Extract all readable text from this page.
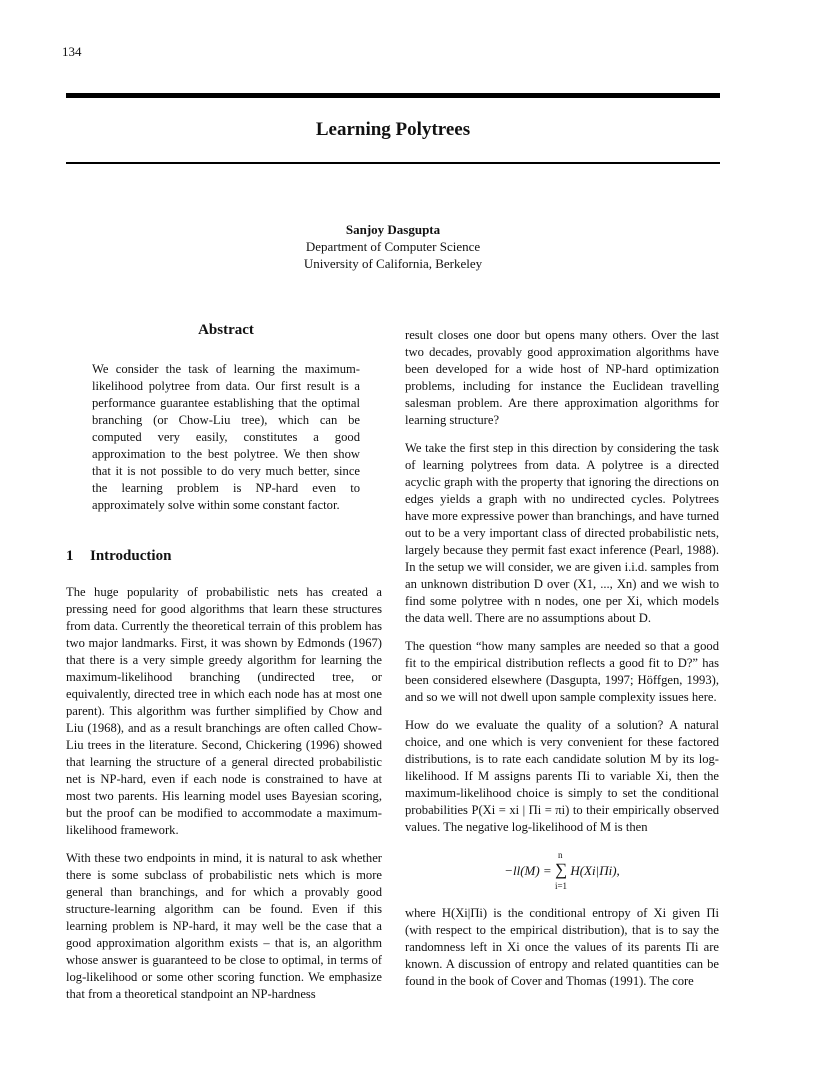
134
Learning Polytrees
Sanjoy Dasgupta
Department of Computer Science
University of California, Berkeley
Abstract
We consider the task of learning the maximum-likelihood polytree from data. Our first result is a performance guarantee establishing that the optimal branching (or Chow-Liu tree), which can be computed very easily, constitutes a good approximation to the best polytree. We then show that it is not possible to do very much better, since the learning problem is NP-hard even to approximately solve within some constant factor.
1 Introduction

The huge popularity of probabilistic nets has created a pressing need for good algorithms that learn these structures from data. Currently the theoretical terrain of this problem has two major landmarks. First, it was shown by Edmonds (1967) that there is a very simple greedy algorithm for learning the maximum-likelihood branching (undirected tree, or equivalently, directed tree in which each node has at most one parent). This algorithm was further simplified by Chow and Liu (1968), and as a result branchings are often called Chow-Liu trees in the literature. Second, Chickering (1996) showed that learning the structure of a general directed probabilistic net is NP-hard, even if each node is constrained to have at most two parents. His learning model uses Bayesian scoring, but the proof can be modified to accommodate a maximum-likelihood framework.

With these two endpoints in mind, it is natural to ask whether there is some subclass of probabilistic nets which is more general than branchings, and for which a provably good structure-learning algorithm can be found. Even if this learning problem is NP-hard, it may well be the case that a good approximation algorithm exists – that is, an algorithm whose answer is guaranteed to be close to optimal, in terms of log-likelihood or some other scoring function. We emphasize that from a theoretical standpoint an NP-hardness

result closes one door but opens many others. Over the last two decades, provably good approximation algorithms have been developed for a wide host of NP-hard optimization problems, including for instance the Euclidean travelling salesman problem. Are there approximation algorithms for learning structure?

We take the first step in this direction by considering the task of learning polytrees from data. A polytree is a directed acyclic graph with the property that ignoring the directions on edges yields a graph with no undirected cycles. Polytrees have more expressive power than branchings, and have turned out to be a very important class of directed probabilistic nets, largely because they permit fast exact inference (Pearl, 1988). In the setup we will consider, we are given i.i.d. samples from an unknown distribution D over (X1, ..., Xn) and we wish to find some polytree with n nodes, one per Xi, which models the data well. There are no assumptions about D.

The question “how many samples are needed so that a good fit to the empirical distribution reflects a good fit to D?” has been considered elsewhere (Dasgupta, 1997; Höffgen, 1993), and so we will not dwell upon sample complexity issues here.

How do we evaluate the quality of a solution? A natural choice, and one which is very convenient for these factored distributions, is to rate each candidate solution M by its log-likelihood. If M assigns parents Πi to variable Xi, then the maximum-likelihood choice is simply to set the conditional probabilities P(Xi = xi | Πi = πi) to their empirically observed values. The negative log-likelihood of M is then

−ll(M) =
n
∑
i=1
H(Xi|Πi),

where H(Xi|Πi) is the conditional entropy of Xi given Πi (with respect to the empirical distribution), that is to say the randomness left in Xi once the values of its parents Πi are known. A discussion of entropy and related quantities can be found in the book of Cover and Thomas (1991). The core
